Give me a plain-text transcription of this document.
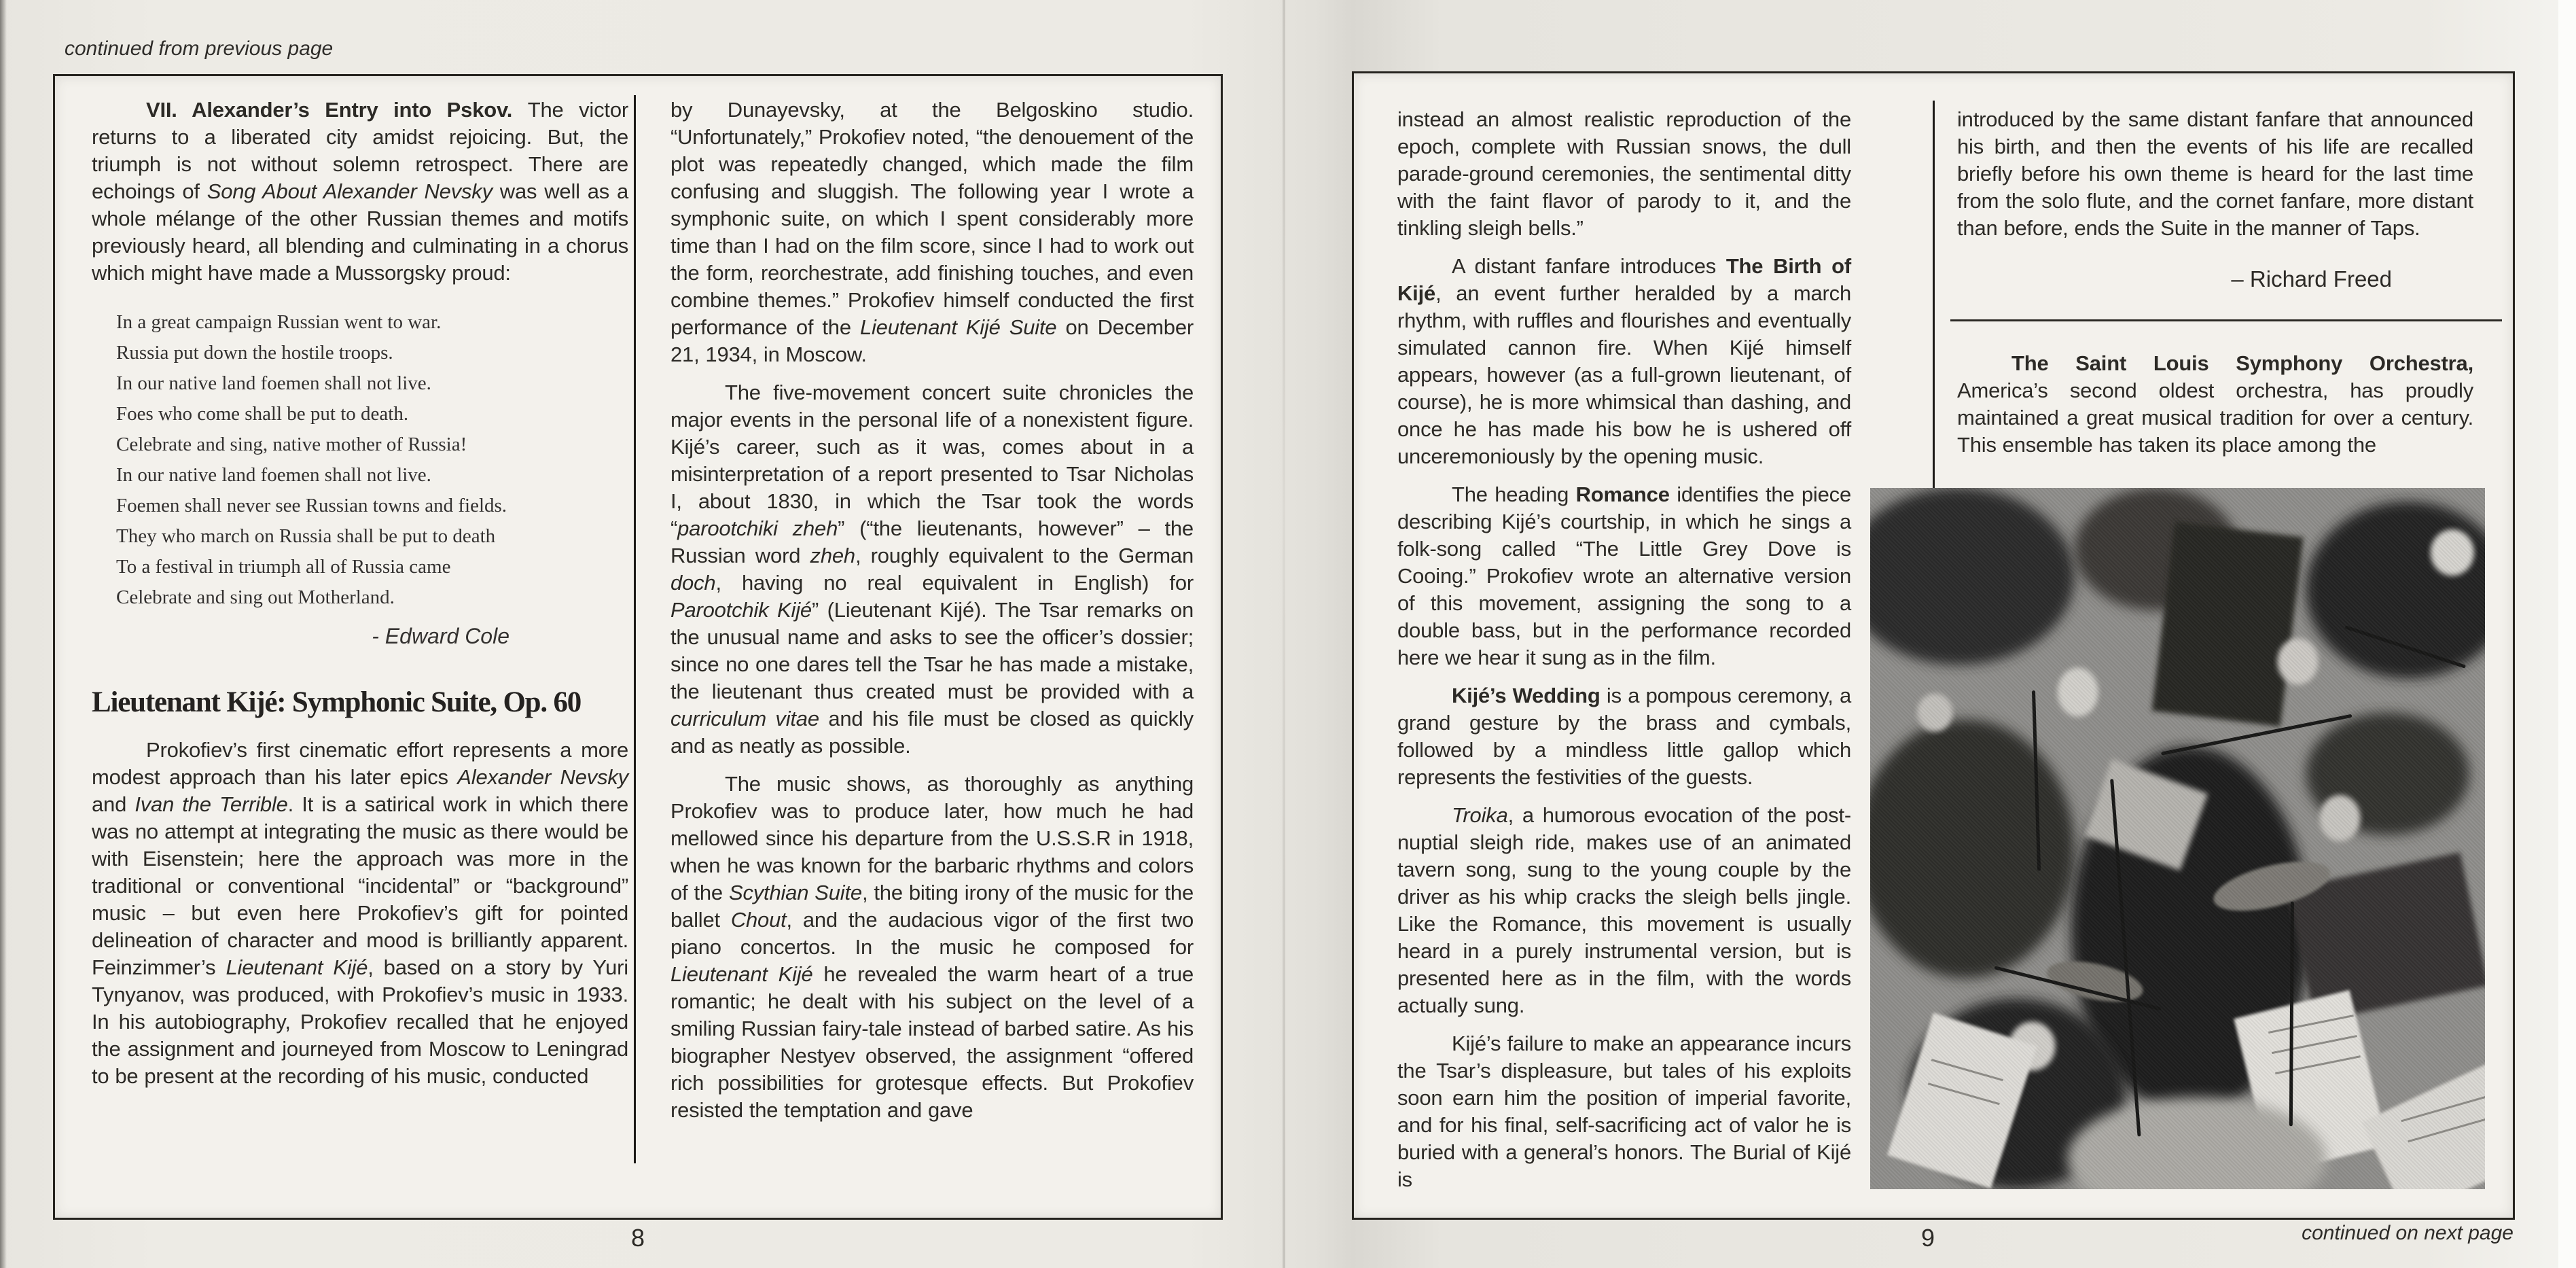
continued from previous page

VII. Alexander’s Entry into Pskov. The victor returns to a liberated city amidst rejoicing. But, the triumph is not without solemn retrospect. There are echoings of Song About Alexander Nevsky was well as a whole mélange of the other Russian themes and motifs previously heard, all blending and culminating in a chorus which might have made a Mussorgsky proud:

In a great campaign Russian went to war.
Russia put down the hostile troops.
In our native land foemen shall not live.
Foes who come shall be put to death.
Celebrate and sing, native mother of Russia!
In our native land foemen shall not live.
Foemen shall never see Russian towns and fields.
They who march on Russia shall be put to death
To a festival in triumph all of Russia came
Celebrate and sing out Motherland.

- Edward Cole

Lieutenant Kijé: Symphonic Suite, Op. 60

Prokofiev’s first cinematic effort represents a more modest approach than his later epics Alexander Nevsky and Ivan the Terrible. It is a satirical work in which there was no attempt at integrating the music as there would be with Eisenstein; here the approach was more in the traditional or conventional “incidental” or “background” music – but even here Prokofiev’s gift for pointed delineation of character and mood is brilliantly apparent. Feinzimmer’s Lieutenant Kijé, based on a story by Yuri Tynyanov, was produced, with Prokofiev’s music in 1933. In his autobiography, Prokofiev recalled that he enjoyed the assignment and journeyed from Moscow to Leningrad to be present at the recording of his music, conducted

by Dunayevsky, at the Belgoskino studio. “Unfortunately,” Prokofiev noted, “the denouement of the plot was repeatedly changed, which made the film confusing and sluggish. The following year I wrote a symphonic suite, on which I spent considerably more time than I had on the film score, since I had to work out the form, reorchestrate, add finishing touches, and even combine themes.” Prokofiev himself conducted the first performance of the Lieutenant Kijé Suite on December 21, 1934, in Moscow.

The five-movement concert suite chronicles the major events in the personal life of a nonexistent figure. Kijé’s career, such as it was, comes about in a misinterpretation of a report presented to Tsar Nicholas I, about 1830, in which the Tsar took the words “parootchiki zheh” (“the lieutenants, however” – the Russian word zheh, roughly equivalent to the German doch, having no real equivalent in English) for Parootchik Kijé” (Lieutenant Kijé). The Tsar remarks on the unusual name and asks to see the officer’s dossier; since no one dares tell the Tsar he has made a mistake, the lieutenant thus created must be provided with a curriculum vitae and his file must be closed as quickly and as neatly as possible.

The music shows, as thoroughly as anything Prokofiev was to produce later, how much he had mellowed since his departure from the U.S.S.R in 1918, when he was known for the barbaric rhythms and colors of the Scythian Suite, the biting irony of the music for the ballet Chout, and the audacious vigor of the first two piano concertos. In the music he composed for Lieutenant Kijé he revealed the warm heart of a true romantic; he dealt with his subject on the level of a smiling Russian fairy-tale instead of barbed satire. As his biographer Nestyev observed, the assignment “offered rich possibilities for grotesque effects. But Prokofiev resisted the temptation and gave

instead an almost realistic reproduction of the epoch, complete with Russian snows, the dull parade-ground ceremonies, the sentimental ditty with the faint flavor of parody to it, and the tinkling sleigh bells.”

A distant fanfare introduces The Birth of Kijé, an event further heralded by a march rhythm, with ruffles and flourishes and eventually simulated cannon fire. When Kijé himself appears, however (as a full-grown lieutenant, of course), he is more whimsical than dashing, and once he has made his bow he is ushered off unceremoniously by the opening music.

The heading Romance identifies the piece describing Kijé’s courtship, in which he sings a folk-song called “The Little Grey Dove is Cooing.” Prokofiev wrote an alternative version of this movement, assigning the song to a double bass, but in the performance recorded here we hear it sung as in the film.

Kijé’s Wedding is a pompous ceremony, a grand gesture by the brass and cymbals, followed by a mindless little gallop which represents the festivities of the guests.

Troika, a humorous evocation of the post-nuptial sleigh ride, makes use of an animated tavern song, sung to the young couple by the driver as his whip cracks the sleigh bells jingle. Like the Romance, this movement is usually heard in a purely instrumental version, but is presented here as in the film, with the words actually sung.

Kijé’s failure to make an appearance incurs the Tsar’s displeasure, but tales of his exploits soon earn him the position of imperial favorite, and for his final, self-sacrificing act of valor he is buried with a general’s honors. The Burial of Kijé is

introduced by the same distant fanfare that announced his birth, and then the events of his life are recalled briefly before his own theme is heard for the last time from the solo flute, and the cornet fanfare, more distant than before, ends the Suite in the manner of Taps.

– Richard Freed

The Saint Louis Symphony Orchestra, America’s second oldest orchestra, has proudly maintained a great musical tradition for over a century. This ensemble has taken its place among the

8	9	continued on next page
